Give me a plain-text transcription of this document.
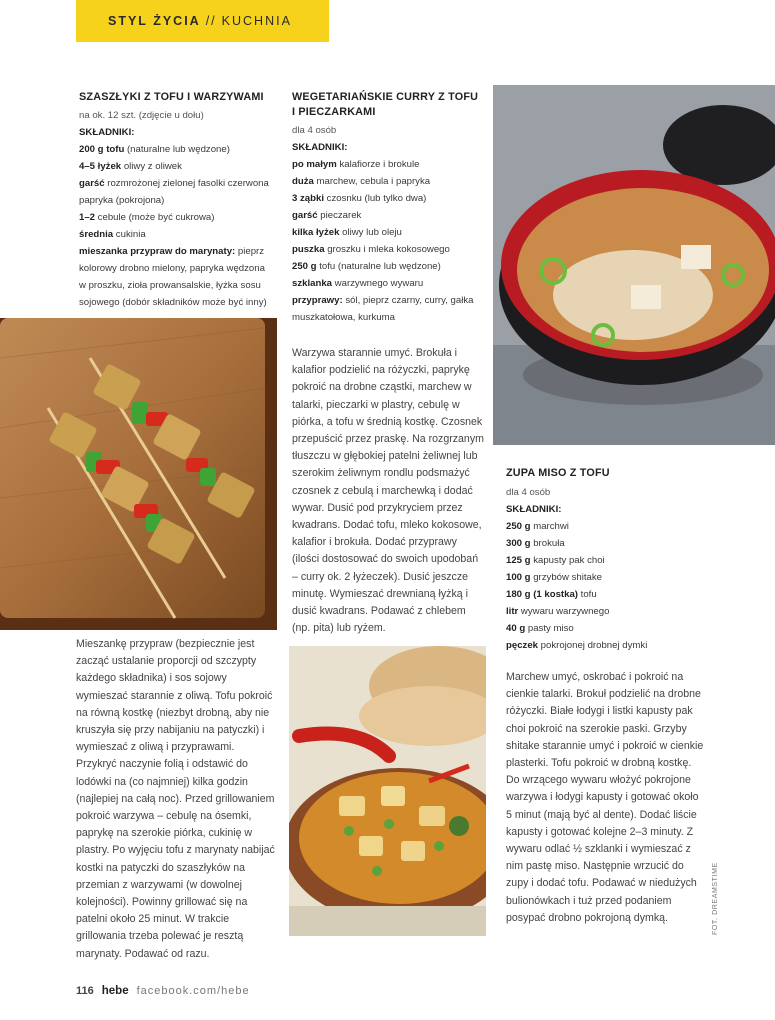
STYL ŻYCIA // KUCHNIA

SZASZŁYKI Z TOFU I WARZYWAMI

na ok. 12 szt. (zdjęcie u dołu)

SKŁADNIKI:

200 g tofu (naturalne lub wędzone)

4–5 łyżek oliwy z oliwek

garść rozmrożonej zielonej fasolki czerwona papryka (pokrojona)

1–2 cebule (może być cukrowa)

średnia cukinia

mieszanka przypraw do marynaty: pieprz kolorowy drobno mielony, papryka wędzona w proszku, zioła prowansalskie, łyżka sosu sojowego (dobór składników może być inny)

Mieszankę przypraw (bezpiecznie jest zacząć ustalanie proporcji od szczypty każdego składnika) i sos sojowy wymieszać starannie z oliwą. Tofu pokroić na równą kostkę (niezbyt drobną, aby nie kruszyła się przy nabijaniu na patyczki) i wymieszać z oliwą i przyprawami. Przykryć naczynie folią i odstawić do lodówki na (co najmniej) kilka godzin (najlepiej na całą noc). Przed grillowaniem pokroić warzywa – cebulę na ósemki, paprykę na szerokie piórka, cukinię w plastry. Po wyjęciu tofu z marynaty nabijać kostki na patyczki do szaszłyków na przemian z warzywami (w dowolnej kolejności). Powinny grillować się na patelni około 25 minut. W trakcie grillowania trzeba polewać je resztą marynaty. Podawać od razu.

WEGETARIAŃSKIE CURRY Z TOFU I PIECZARKAMI

dla 4 osób

SKŁADNIKI:

po małym kalafiorze i brokule

duża marchew, cebula i papryka

3 ząbki czosnku (lub tylko dwa)

garść pieczarek

kilka łyżek oliwy lub oleju

puszka groszku i mleka kokosowego

250 g tofu (naturalne lub wędzone)

szklanka warzywnego wywaru

przyprawy: sól, pieprz czarny, curry, gałka muszkatołowa, kurkuma

Warzywa starannie umyć. Brokuła i kalafior podzielić na różyczki, paprykę pokroić na drobne cząstki, marchew w talarki, pieczarki w plastry, cebulę w piórka, a tofu w średnią kostkę. Czosnek przepuścić przez praskę. Na rozgrzanym tłuszczu w głębokiej patelni żeliwnej lub szerokim żeliwnym rondlu podsmażyć czosnek z cebulą i marchewką i dodać wywar. Dusić pod przykryciem przez kwadrans. Dodać tofu, mleko kokosowe, kalafior i brokuła. Dodać przyprawy (ilości dostosować do swoich upodobań – curry ok. 2 łyżeczek). Dusić jeszcze minutę. Wymieszać drewnianą łyżką i dusić kwadrans. Podawać z chlebem (np. pita) lub ryżem.

ZUPA MISO Z TOFU

dla 4 osób

SKŁADNIKI:

250 g marchwi

300 g brokuła

125 g kapusty pak choi

100 g grzybów shitake

180 g (1 kostka) tofu

litr wywaru warzywnego

40 g pasty miso

pęczek pokrojonej drobnej dymki

Marchew umyć, oskrobać i pokroić na cienkie talarki. Brokuł podzielić na drobne różyczki. Białe łodygi i listki kapusty pak choi pokroić na szerokie paski. Grzyby shitake starannie umyć i pokroić w cienkie plasterki. Tofu pokroić w drobną kostkę. Do wrzącego wywaru włożyć pokrojone warzywa i łodygi kapusty i gotować około 5 minut (mają być al dente). Dodać liście kapusty i gotować kolejne 2–3 minuty. Z wywaru odlać ½ szklanki i wymieszać z nim pastę miso. Następnie wrzucić do zupy i dodać tofu. Podawać w niedużych bulionówkach i tuż przed podaniem posypać drobno pokrojoną dymką.

116 hebe facebook.com/hebe
FOT. DREAMSTIME
